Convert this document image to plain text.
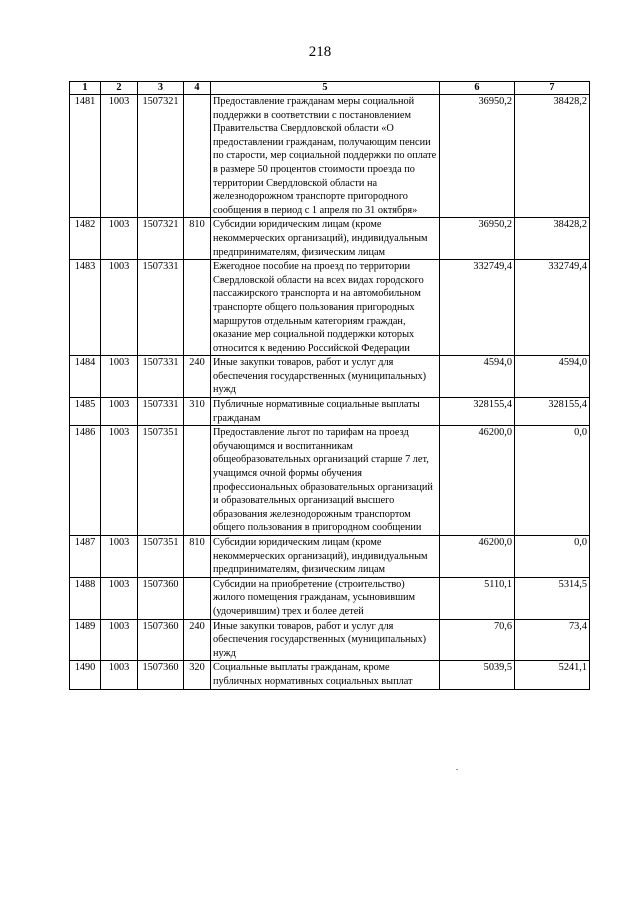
218
1	2	3	4	5	6	7
1481	1003	1507321		Предоставление гражданам меры социальной поддержки в соответствии с постановлением Правительства Свердловской области «О предоставлении гражданам, получающим пенсии по старости, мер социальной поддержки по оплате в размере 50 процентов стоимости проезда по территории Свердловской области на железнодорожном транспорте пригородного сообщения в период с 1 апреля по 31 октября»	36950,2	38428,2
1482	1003	1507321	810	Субсидии юридическим лицам (кроме некоммерческих организаций), индивидуальным предпринимателям, физическим лицам	36950,2	38428,2
1483	1003	1507331		Ежегодное пособие на проезд по территории Свердловской области на всех видах городского пассажирского транспорта и на автомобильном транспорте общего пользования пригородных маршрутов отдельным категориям граждан, оказание мер социальной поддержки которых относится к ведению Российской Федерации	332749,4	332749,4
1484	1003	1507331	240	Иные закупки товаров, работ и услуг для обеспечения государственных (муниципальных) нужд	4594,0	4594,0
1485	1003	1507331	310	Публичные нормативные социальные выплаты гражданам	328155,4	328155,4
1486	1003	1507351		Предоставление льгот по тарифам на проезд обучающимся и воспитанникам общеобразовательных организаций старше 7 лет, учащимся очной формы обучения профессиональных образовательных организаций и образовательных организаций высшего образования железнодорожным транспортом общего пользования в пригородном сообщении	46200,0	0,0
1487	1003	1507351	810	Субсидии юридическим лицам (кроме некоммерческих организаций), индивидуальным предпринимателям, физическим лицам	46200,0	0,0
1488	1003	1507360		Субсидии на приобретение (строительство) жилого помещения гражданам, усыновившим (удочерившим) трех и более детей	5110,1	5314,5
1489	1003	1507360	240	Иные закупки товаров, работ и услуг для обеспечения государственных (муниципальных) нужд	70,6	73,4
1490	1003	1507360	320	Социальные выплаты гражданам, кроме публичных нормативных социальных выплат	5039,5	5241,1
